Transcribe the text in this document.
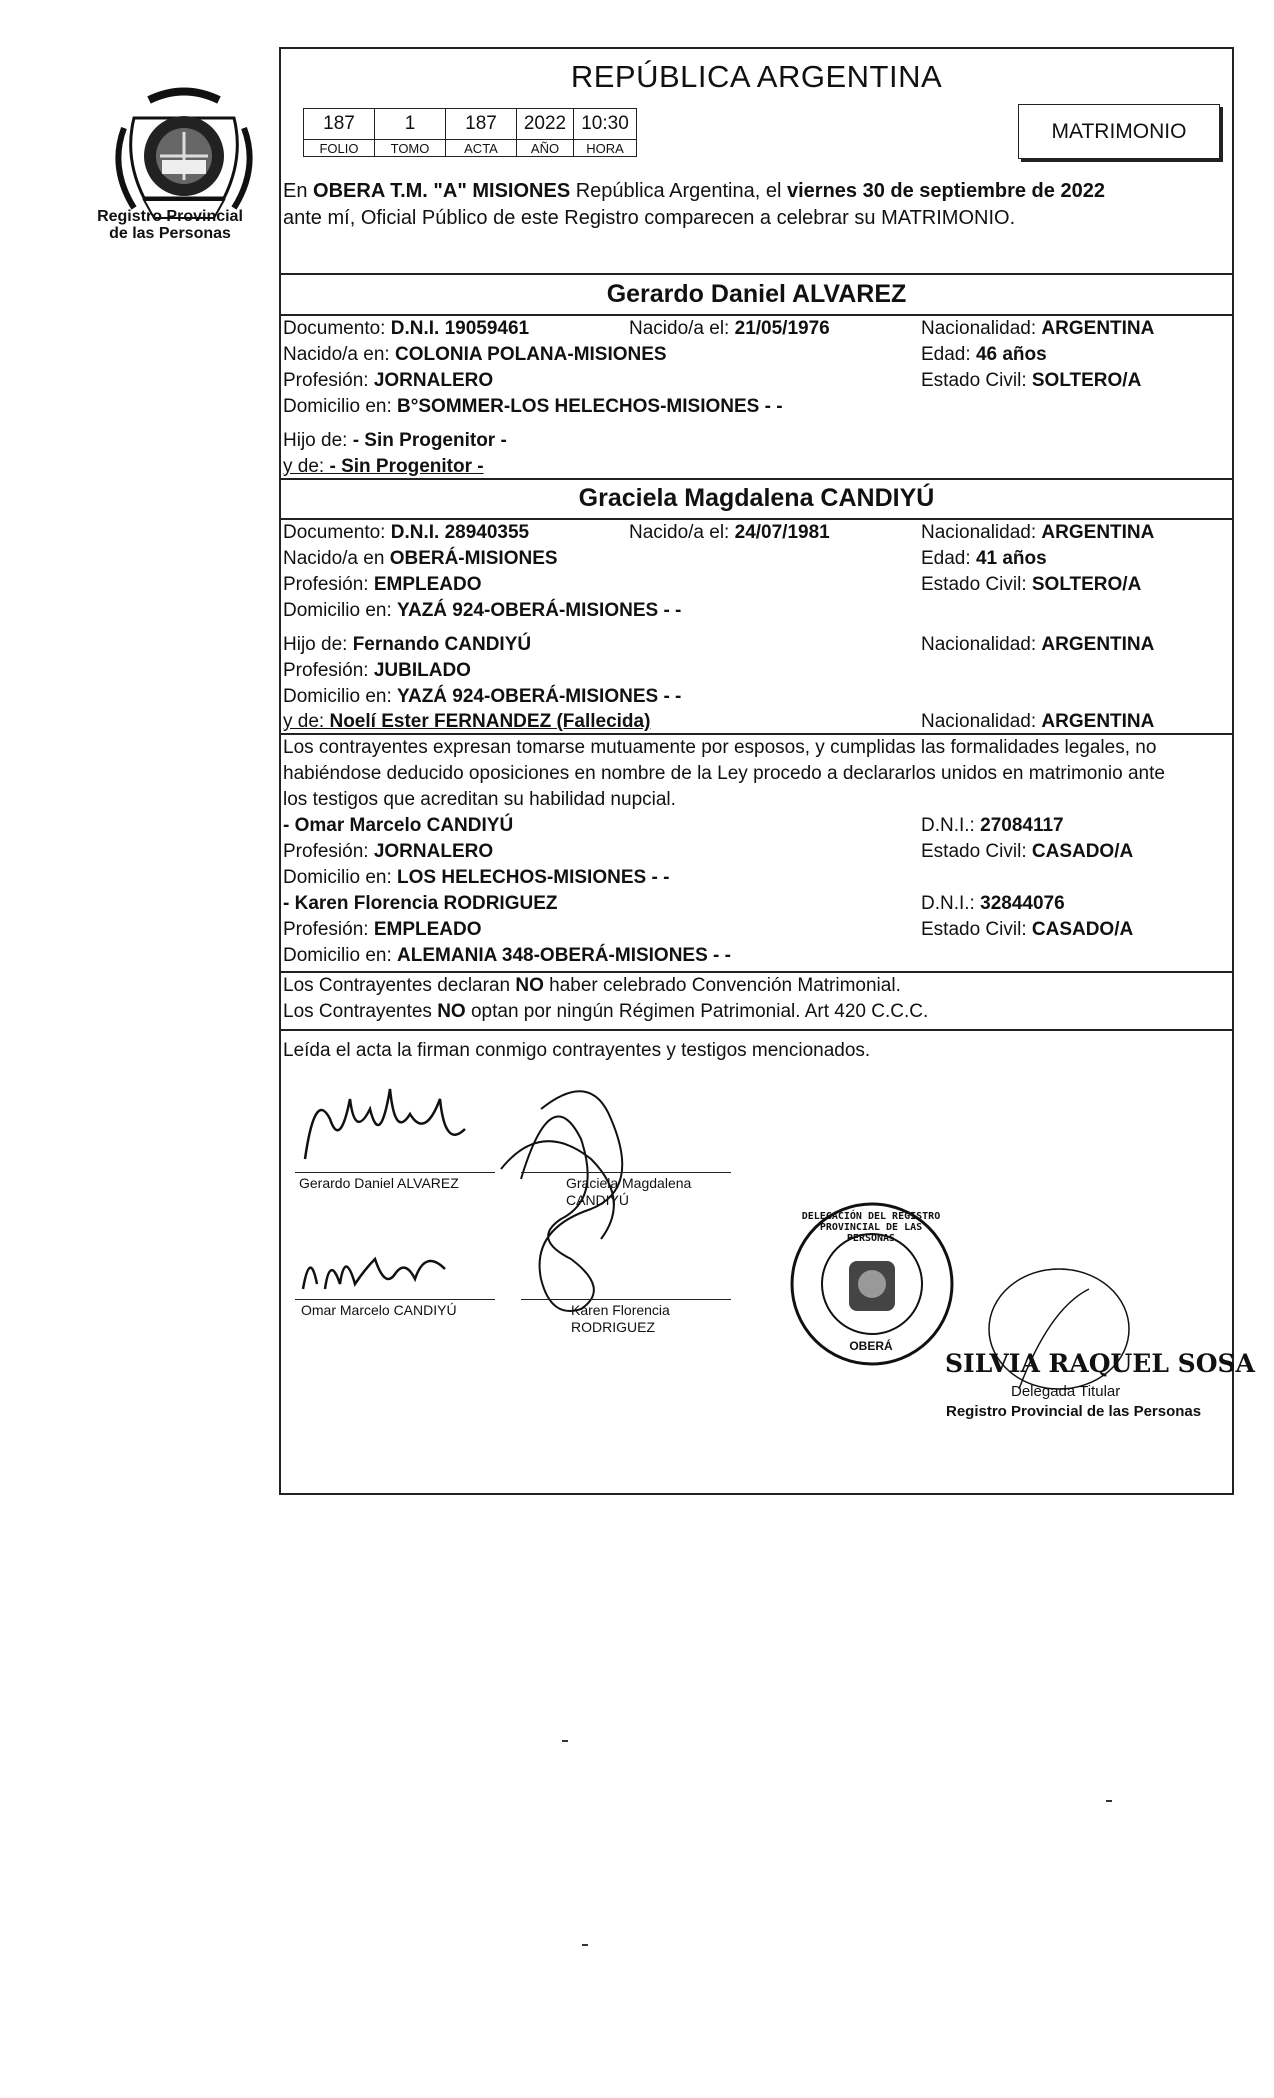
PROVINCIA DEMISIONES
Registro Provincial
de las Personas
REPÚBLICA ARGENTINA
187	1	187	2022	10:30
FOLIO	TOMO	ACTA	AÑO	HORA
MATRIMONIO
En OBERA T.M. "A" MISIONES República Argentina, el viernes 30 de septiembre de 2022
ante mí, Oficial Público de este Registro comparecen a celebrar su MATRIMONIO.
Gerardo Daniel ALVAREZ
Documento: D.N.I. 19059461	Nacido/a el: 21/05/1976	Nacionalidad: ARGENTINA
Nacido/a en: COLONIA POLANA-MISIONES	Edad: 46 años
Profesión: JORNALERO	Estado Civil: SOLTERO/A
Domicilio en: B°SOMMER-LOS HELECHOS-MISIONES - -
Hijo de: - Sin Progenitor -
y de: - Sin Progenitor -
Graciela Magdalena CANDIYÚ
Documento: D.N.I. 28940355	Nacido/a el: 24/07/1981	Nacionalidad: ARGENTINA
Nacido/a en OBERÁ-MISIONES	Edad: 41 años
Profesión: EMPLEADO	Estado Civil: SOLTERO/A
Domicilio en: YAZÁ 924-OBERÁ-MISIONES - -
Hijo de: Fernando CANDIYÚ	Nacionalidad: ARGENTINA
Profesión: JUBILADO
Domicilio en: YAZÁ 924-OBERÁ-MISIONES - -
y de: Noelí Ester FERNANDEZ (Fallecida)	Nacionalidad: ARGENTINA
Los contrayentes expresan tomarse mutuamente por esposos, y cumplidas las formalidades legales, no
habiéndose deducido oposiciones en nombre de la Ley procedo a declararlos unidos en matrimonio ante
los testigos que acreditan su habilidad nupcial.
- Omar Marcelo CANDIYÚ	D.N.I.: 27084117
Profesión: JORNALERO	Estado Civil: CASADO/A
Domicilio en: LOS HELECHOS-MISIONES - -
- Karen Florencia RODRIGUEZ	D.N.I.: 32844076
Profesión: EMPLEADO	Estado Civil: CASADO/A
Domicilio en: ALEMANIA 348-OBERÁ-MISIONES - -
Los Contrayentes declaran NO haber celebrado Convención Matrimonial.
Los Contrayentes NO optan por ningún Régimen Patrimonial. Art 420 C.C.C.
Leída el acta la firman conmigo contrayentes y testigos mencionados.
Gerardo Daniel ALVAREZ	Graciela Magdalena
CANDIYÚ
Omar Marcelo CANDIYÚ	Karen Florencia
RODRIGUEZ
DELEGACIÓN DEL REGISTRO PROVINCIAL DE LAS PERSONAS
OBERÁ
SILVIA RAQUEL SOSA
Delegada Titular
Registro Provincial de las Personas
